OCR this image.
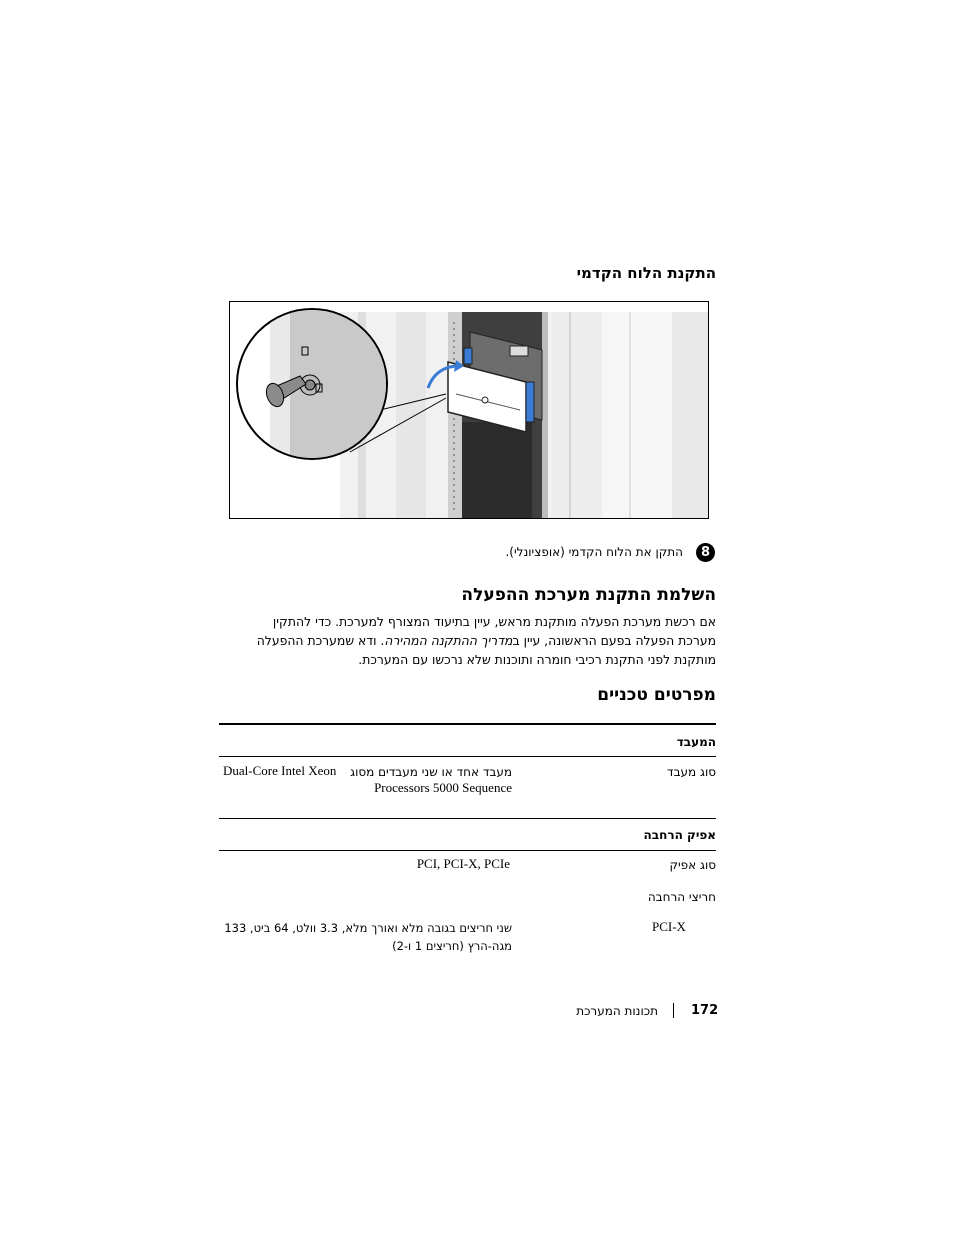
התקנת הלוח הקדמי
8
התקן את הלוח הקדמי (אופציונלי).
השלמת התקנת מערכת ההפעלה
אם רכשת מערכת הפעלה מותקנת מראש, עיין בתיעוד המצורף למערכת. כדי להתקין מערכת הפעלה בפעם הראשונה, עיין במדריך ההתקנה המהירה. ודא שמערכת ההפעלה מותקנת לפני התקנת רכיבי חומרה ותוכנות שלא נרכשו עם המערכת.
מפרטים טכניים
המעבד
סוג מעבד
Dual-Core Intel Xeon מעבד אחד או שני מעבדים מסוג
Processors 5000 Sequence
אפיק הרחבה
סוג אפיק
PCI, PCI-X, PCIe
חריצי הרחבה
PCI-X
שני חריצים בגובה מלא ואורך מלא, 3.3 וולט, 64 ביט, 133
מגה-הרץ (חריצים 1 ו-2)
172
תכונות המערכת
